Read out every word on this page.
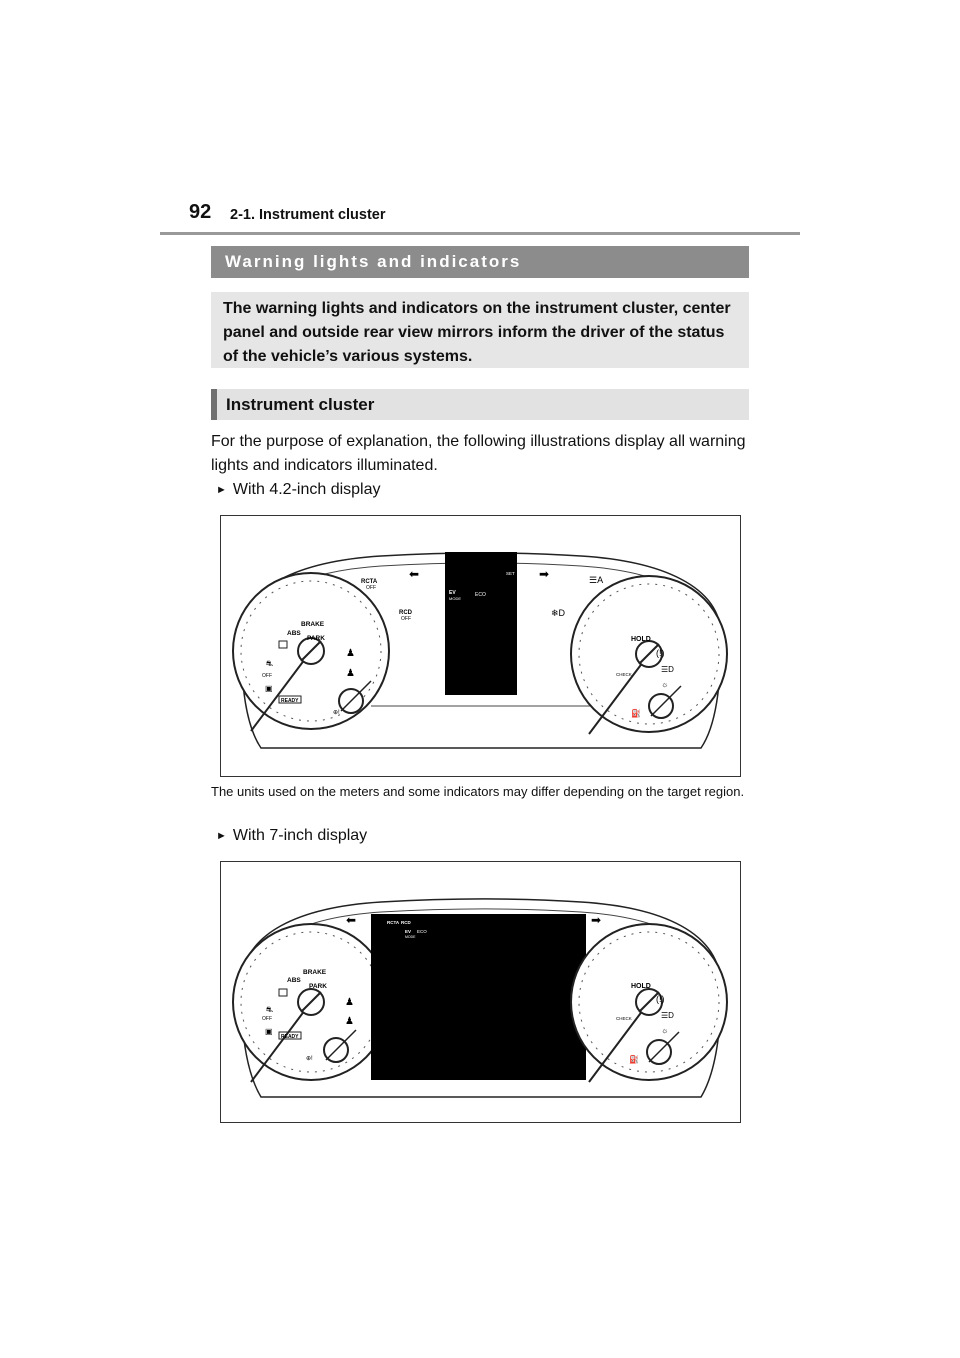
92 2-1. Instrument cluster
Warning lights and indicators
The warning lights and indicators on the instrument cluster, center panel and outside rear view mirrors inform the driver of the status of the vehicle’s various systems.
Instrument cluster
For the purpose of explanation, the following illustrations display all warning lights and indicators illuminated.
► With 4.2-inch display
BRAKE
ABS
PARK
⛐
OFF
▣
♟
♟
READY
⊕!
RCTA
OFF
RCD
OFF
⬅	➡
EV
MODE
ECO
SET
☰A
❄D
HOLD
(!)
CHECK
☰D
☼
⛽
The units used on the meters and some indicators may differ depending on the target region.
► With 7-inch display
BRAKE
ABS
PARK
⛐
OFF
▣
♟
♟
READY
⊕!
⬅	➡
RCTA RCD
EV
MODE
ECO
HOLD
(!)
CHECK	☰D
☼
⛽
